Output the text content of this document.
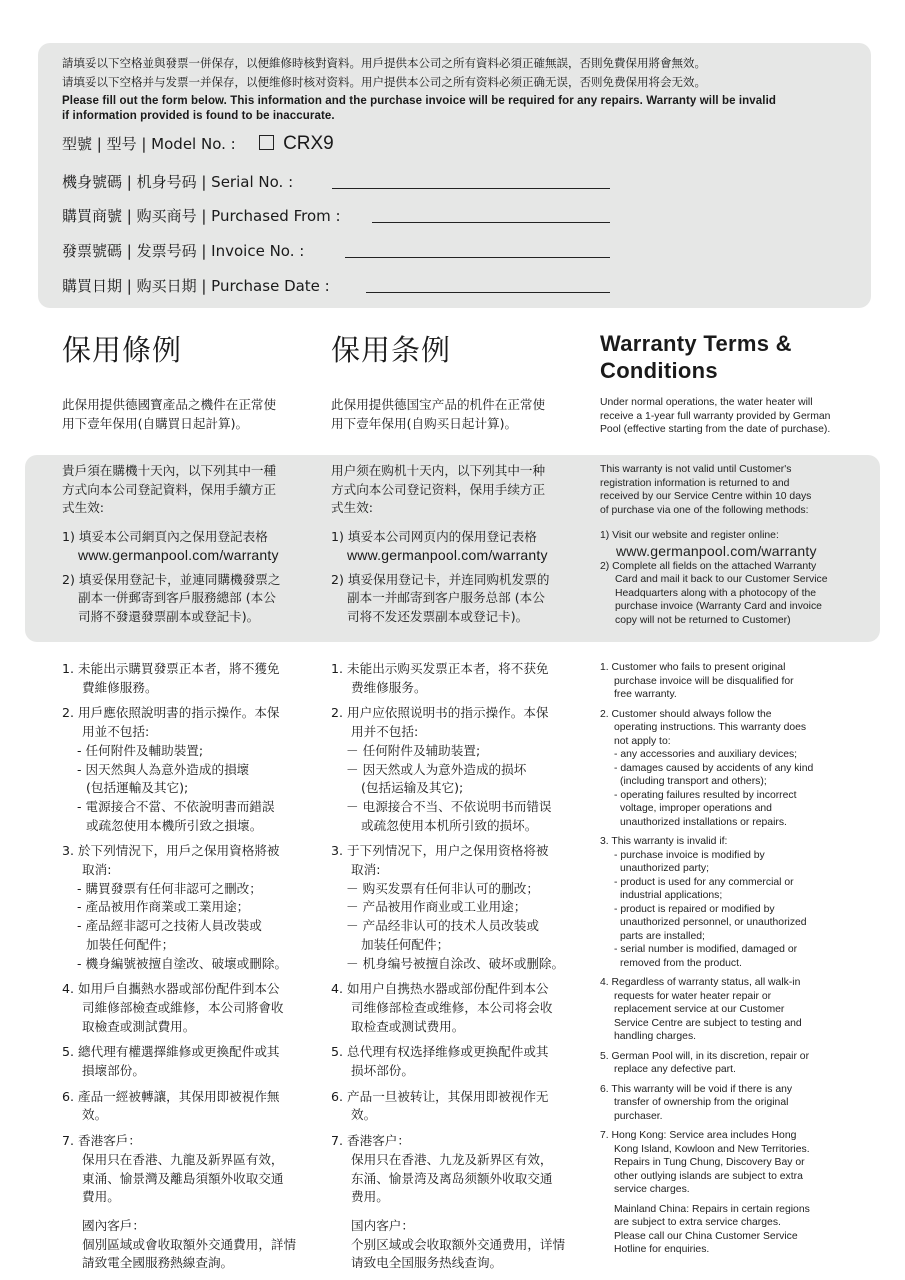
請填妥以下空格並與發票一併保存，以便維修時核對資料。用戶提供本公司之所有資料必須正確無誤，否則免費保用將會無效。
请填妥以下空格并与发票一并保存，以便维修时核对资料。用户提供本公司之所有资料必须正确无误，否则免费保用将会无效。
Please fill out the form below. This information and the purchase invoice will be required for any repairs. Warranty will be invalid
if information provided is found to be inaccurate.
型號 | 型号 | Model No. : CRX9
機身號碼 | 机身号码 | Serial No. :
購買商號 | 购买商号 | Purchased From :
發票號碼 | 发票号码 | Invoice No. :
購買日期 | 购买日期 | Purchase Date :
保用條例	保用条例	Warranty Terms &
Conditions
此保用提供德國寶產品之機件在正常使
用下壹年保用(自購買日起計算)。
此保用提供德国宝产品的机件在正常使
用下壹年保用(自购买日起计算)。
Under normal operations, the water heater will
receive a 1-year full warranty provided by German
Pool (effective starting from the date of purchase).
貴戶須在購機十天內，以下列其中一種
方式向本公司登記資料，保用手續方正
式生效:
1) 填妥本公司網頁內之保用登記表格
www.germanpool.com/warranty
2) 填妥保用登記卡，並連同購機發票之
副本一併郵寄到客戶服務總部 (本公
司將不發還發票副本或登記卡)。
用户须在购机十天内，以下列其中一种
方式向本公司登记资料，保用手续方正
式生效:
1) 填妥本公司网页内的保用登记表格
www.germanpool.com/warranty
2) 填妥保用登记卡，并连同购机发票的
副本一并邮寄到客户服务总部 (本公
司将不发还发票副本或登记卡)。
This warranty is not valid until Customer's
registration information is returned to and
received by our Service Centre within 10 days
of purchase via one of the following methods:
1) Visit our website and register online:
www.germanpool.com/warranty
2) Complete all fields on the attached Warranty
Card and mail it back to our Customer Service
Headquarters along with a photocopy of the
purchase invoice (Warranty Card and invoice
copy will not be returned to Customer)
1. 未能出示購買發票正本者，將不獲免
費維修服務。
2. 用戶應依照說明書的指示操作。本保
用並不包括:
- 任何附件及輔助裝置;
- 因天然與人為意外造成的損壞
(包括運輸及其它);
- 電源接合不當、不依說明書而錯誤
或疏忽使用本機所引致之損壞。
3. 於下列情況下，用戶之保用資格將被
取消:
- 購買發票有任何非認可之刪改；
- 產品被用作商業或工業用途；
- 產品經非認可之技術人員改裝或
加裝任何配件；
- 機身編號被擅自塗改、破壞或刪除。
4. 如用戶自攜熱水器或部份配件到本公
司維修部檢查或維修，本公司將會收
取檢查或測試費用。
5. 總代理有權選擇維修或更換配件或其
損壞部份。
6. 產品一經被轉讓，其保用即被視作無
效。
7. 香港客戶：
保用只在香港、九龍及新界區有效，
東涌、愉景灣及離島須額外收取交通
費用。
國內客戶：
個別區域或會收取額外交通費用，詳情
請致電全國服務熱線查詢。
1. 未能出示购买发票正本者，将不获免
费维修服务。
2. 用户应依照说明书的指示操作。本保
用并不包括:
－ 任何附件及辅助装置;
－ 因天然或人为意外造成的损坏
(包括运输及其它);
－ 电源接合不当、不依说明书而错误
或疏忽使用本机所引致的损坏。
3. 于下列情况下，用户之保用资格将被
取消:
－ 购买发票有任何非认可的删改；
－ 产品被用作商业或工业用途；
－ 产品经非认可的技术人员改装或
加装任何配件；
－ 机身编号被擅自涂改、破坏或删除。
4. 如用户自携热水器或部份配件到本公
司维修部检查或维修，本公司将会收
取检查或测试费用。
5. 总代理有权选择维修或更换配件或其
损坏部份。
6. 产品一旦被转让，其保用即被视作无
效。
7. 香港客户：
保用只在香港、九龙及新界区有效，
东涌、愉景湾及离岛须额外收取交通
费用。
国内客户：
个别区域或会收取额外交通费用，详情
请致电全国服务热线查询。
1. Customer who fails to present original
purchase invoice will be disqualified for
free warranty.
2. Customer should always follow the
operating instructions. This warranty does
not apply to:
- any accessories and auxiliary devices;
- damages caused by accidents of any kind
(including transport and others);
- operating failures resulted by incorrect
voltage, improper operations and
unauthorized installations or repairs.
3. This warranty is invalid if:
- purchase invoice is modified by
unauthorized party;
- product is used for any commercial or
industrial applications;
- product is repaired or modified by
unauthorized personnel, or unauthorized
parts are installed;
- serial number is modified, damaged or
removed from the product.
4. Regardless of warranty status, all walk-in
requests for water heater repair or
replacement service at our Customer
Service Centre are subject to testing and
handling charges.
5. German Pool will, in its discretion, repair or
replace any defective part.
6. This warranty will be void if there is any
transfer of ownership from the original
purchaser.
7. Hong Kong: Service area includes Hong
Kong Island, Kowloon and New Territories.
Repairs in Tung Chung, Discovery Bay or
other outlying islands are subject to extra
service charges.
Mainland China: Repairs in certain regions
are subject to extra service charges.
Please call our China Customer Service
Hotline for enquiries.
